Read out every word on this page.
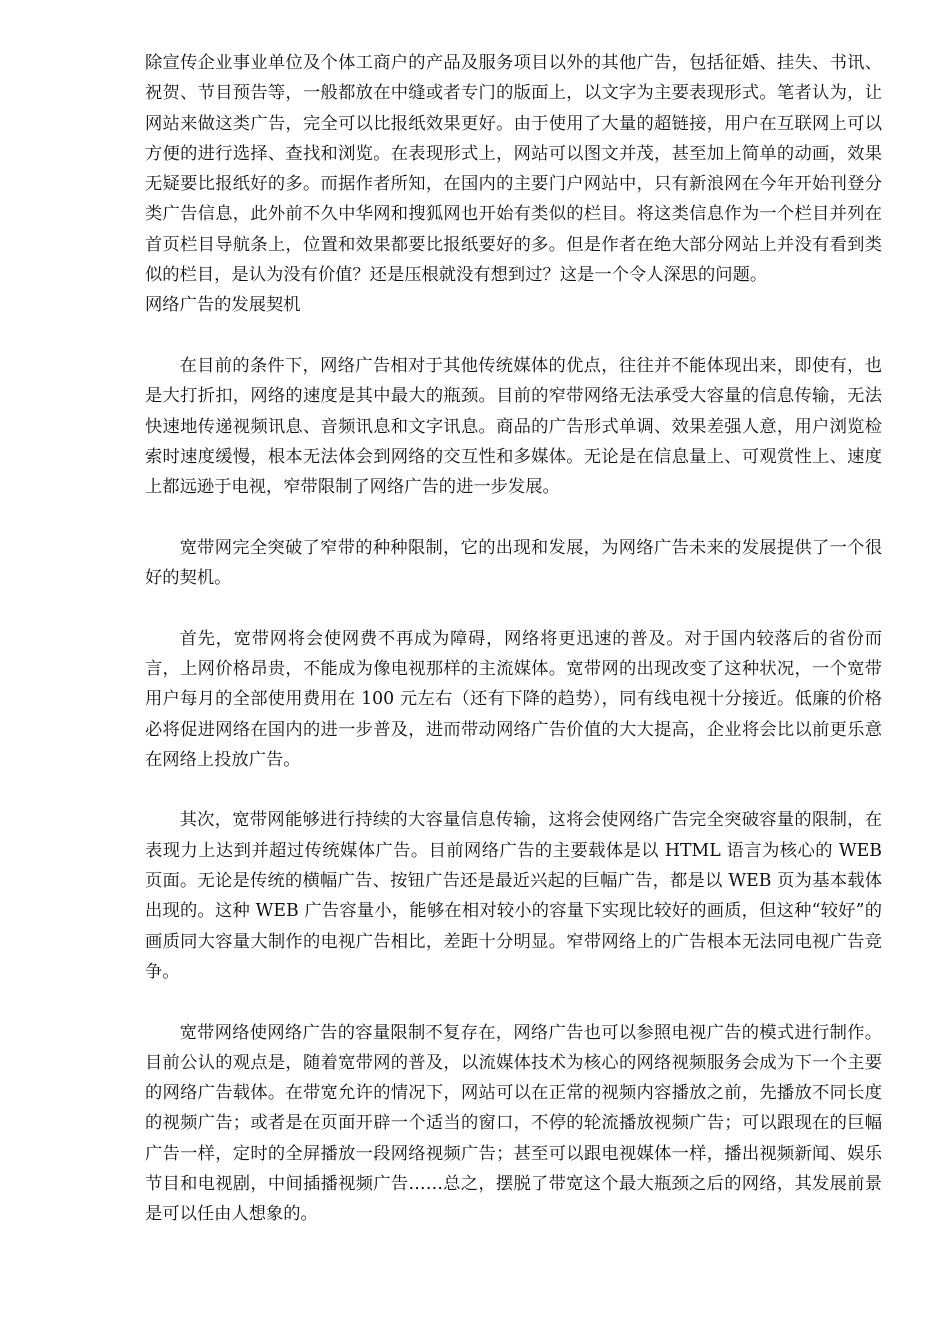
除宣传企业事业单位及个体工商户的产品及服务项目以外的其他广告，包括征婚、挂失、书讯、祝贺、节目预告等，一般都放在中缝或者专门的版面上，以文字为主要表现形式。笔者认为，让网站来做这类广告，完全可以比报纸效果更好。由于使用了大量的超链接，用户在互联网上可以方便的进行选择、查找和浏览。在表现形式上，网站可以图文并茂，甚至加上简单的动画，效果无疑要比报纸好的多。而据作者所知，在国内的主要门户网站中，只有新浪网在今年开始刊登分类广告信息，此外前不久中华网和搜狐网也开始有类似的栏目。将这类信息作为一个栏目并列在首页栏目导航条上，位置和效果都要比报纸要好的多。但是作者在绝大部分网站上并没有看到类似的栏目，是认为没有价值？还是压根就没有想到过？这是一个令人深思的问题。

网络广告的发展契机

在目前的条件下，网络广告相对于其他传统媒体的优点，往往并不能体现出来，即使有，也是大打折扣，网络的速度是其中最大的瓶颈。目前的窄带网络无法承受大容量的信息传输，无法快速地传递视频讯息、音频讯息和文字讯息。商品的广告形式单调、效果差强人意，用户浏览检索时速度缓慢，根本无法体会到网络的交互性和多媒体。无论是在信息量上、可观赏性上、速度上都远逊于电视，窄带限制了网络广告的进一步发展。

宽带网完全突破了窄带的种种限制，它的出现和发展，为网络广告未来的发展提供了一个很好的契机。

首先，宽带网将会使网费不再成为障碍，网络将更迅速的普及。对于国内较落后的省份而言，上网价格昂贵，不能成为像电视那样的主流媒体。宽带网的出现改变了这种状况，一个宽带用户每月的全部使用费用在 100 元左右（还有下降的趋势），同有线电视十分接近。低廉的价格必将促进网络在国内的进一步普及，进而带动网络广告价值的大大提高，企业将会比以前更乐意在网络上投放广告。

其次，宽带网能够进行持续的大容量信息传输，这将会使网络广告完全突破容量的限制，在表现力上达到并超过传统媒体广告。目前网络广告的主要载体是以 HTML 语言为核心的 WEB 页面。无论是传统的横幅广告、按钮广告还是最近兴起的巨幅广告，都是以 WEB 页为基本载体出现的。这种 WEB 广告容量小，能够在相对较小的容量下实现比较好的画质，但这种“较好”的画质同大容量大制作的电视广告相比，差距十分明显。窄带网络上的广告根本无法同电视广告竞争。

宽带网络使网络广告的容量限制不复存在，网络广告也可以参照电视广告的模式进行制作。目前公认的观点是，随着宽带网的普及，以流媒体技术为核心的网络视频服务会成为下一个主要的网络广告载体。在带宽允许的情况下，网站可以在正常的视频内容播放之前，先播放不同长度的视频广告；或者是在页面开辟一个适当的窗口，不停的轮流播放视频广告；可以跟现在的巨幅广告一样，定时的全屏播放一段网络视频广告；甚至可以跟电视媒体一样，播出视频新闻、娱乐节目和电视剧，中间插播视频广告……总之，摆脱了带宽这个最大瓶颈之后的网络，其发展前景是可以任由人想象的。
